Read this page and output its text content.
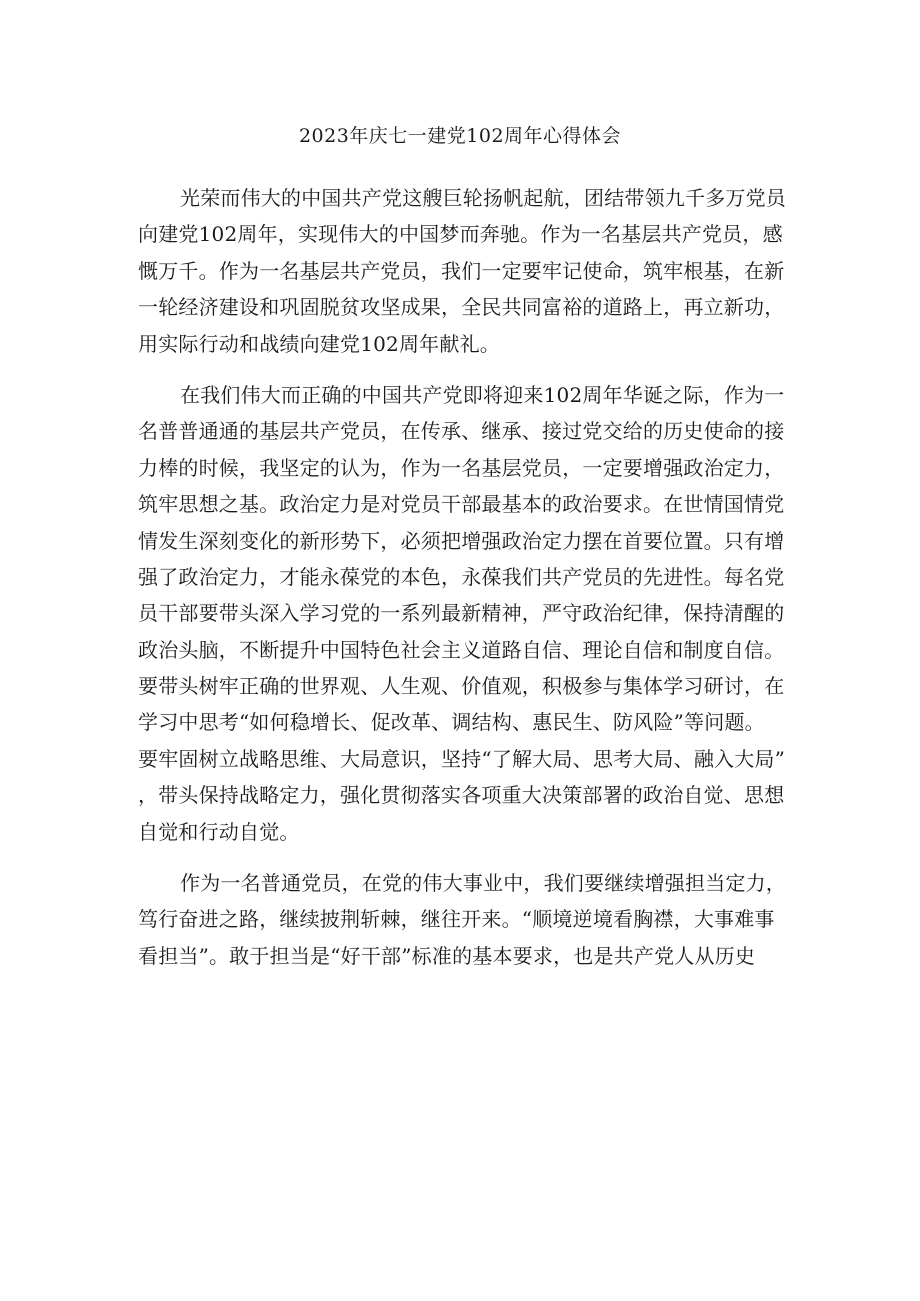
2023年庆七一建党102周年心得体会
光荣而伟大的中国共产党这艘巨轮扬帆起航，团结带领九千多万党员
向建党102周年，实现伟大的中国梦而奔驰。作为一名基层共产党员，感
慨万千。作为一名基层共产党员，我们一定要牢记使命，筑牢根基，在新
一轮经济建设和巩固脱贫攻坚成果，全民共同富裕的道路上，再立新功，
用实际行动和战绩向建党102周年献礼。
在我们伟大而正确的中国共产党即将迎来102周年华诞之际，作为一
名普普通通的基层共产党员，在传承、继承、接过党交给的历史使命的接
力棒的时候，我坚定的认为，作为一名基层党员，一定要增强政治定力，
筑牢思想之基。政治定力是对党员干部最基本的政治要求。在世情国情党
情发生深刻变化的新形势下，必须把增强政治定力摆在首要位置。只有增
强了政治定力，才能永葆党的本色，永葆我们共产党员的先进性。每名党
员干部要带头深入学习党的一系列最新精神，严守政治纪律，保持清醒的
政治头脑，不断提升中国特色社会主义道路自信、理论自信和制度自信。
要带头树牢正确的世界观、人生观、价值观，积极参与集体学习研讨，在
学习中思考“如何稳增长、促改革、调结构、惠民生、防风险”等问题。
要牢固树立战略思维、大局意识，坚持“了解大局、思考大局、融入大局”
，带头保持战略定力，强化贯彻落实各项重大决策部署的政治自觉、思想
自觉和行动自觉。
作为一名普通党员，在党的伟大事业中，我们要继续增强担当定力，
笃行奋进之路，继续披荆斩棘，继往开来。“顺境逆境看胸襟，大事难事
看担当”。敢于担当是“好干部”标准的基本要求，也是共产党人从历史
